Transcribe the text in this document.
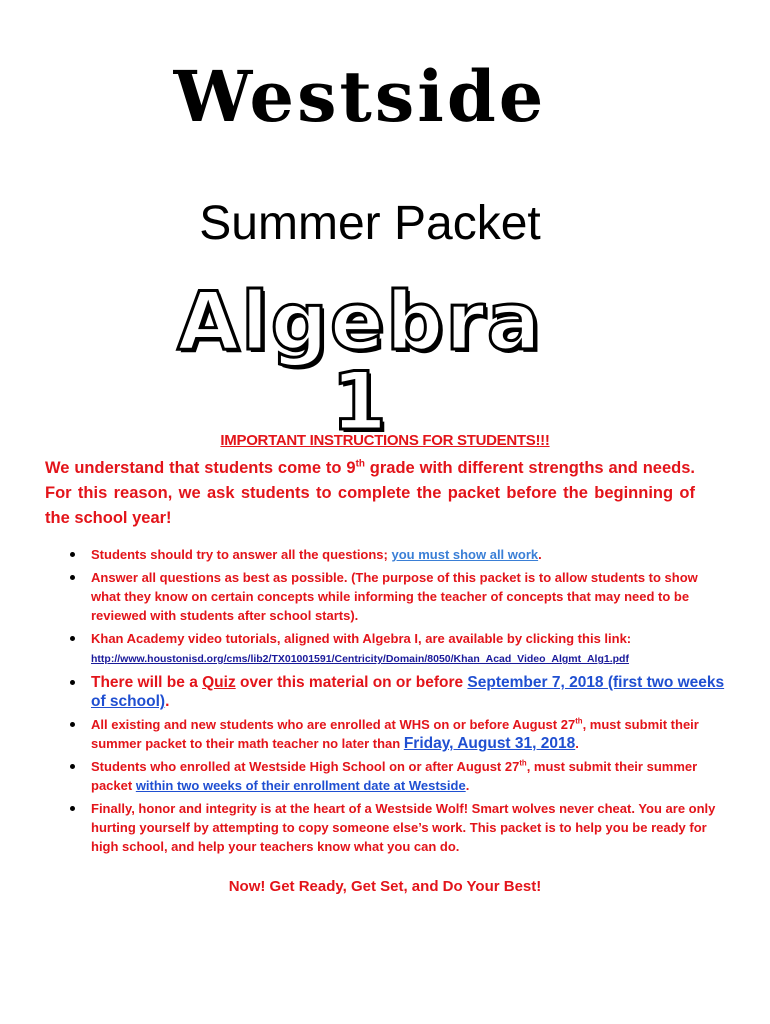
Westside
Summer Packet
Algebra 1
IMPORTANT INSTRUCTIONS FOR STUDENTS!!!
We understand that students come to 9th grade with different strengths and needs. For this reason, we ask students to complete the packet before the beginning of the school year!
Students should try to answer all the questions; you must show all work.
Answer all questions as best as possible. (The purpose of this packet is to allow students to show what they know on certain concepts while informing the teacher of concepts that may need to be reviewed with students after school starts).
Khan Academy video tutorials, aligned with Algebra I, are available by clicking this link:
http://www.houstonisd.org/cms/lib2/TX01001591/Centricity/Domain/8050/Khan_Acad_Video_Algmt_Alg1.pdf
There will be a Quiz over this material on or before September 7, 2018 (first two weeks of school).
All existing and new students who are enrolled at WHS on or before August 27th, must submit their summer packet to their math teacher no later than Friday, August 31, 2018.
Students who enrolled at Westside High School on or after August 27th, must submit their summer packet within two weeks of their enrollment date at Westside.
Finally, honor and integrity is at the heart of a Westside Wolf! Smart wolves never cheat. You are only hurting yourself by attempting to copy someone else’s work. This packet is to help you be ready for high school, and help your teachers know what you can do.
Now! Get Ready, Get Set, and Do Your Best!
